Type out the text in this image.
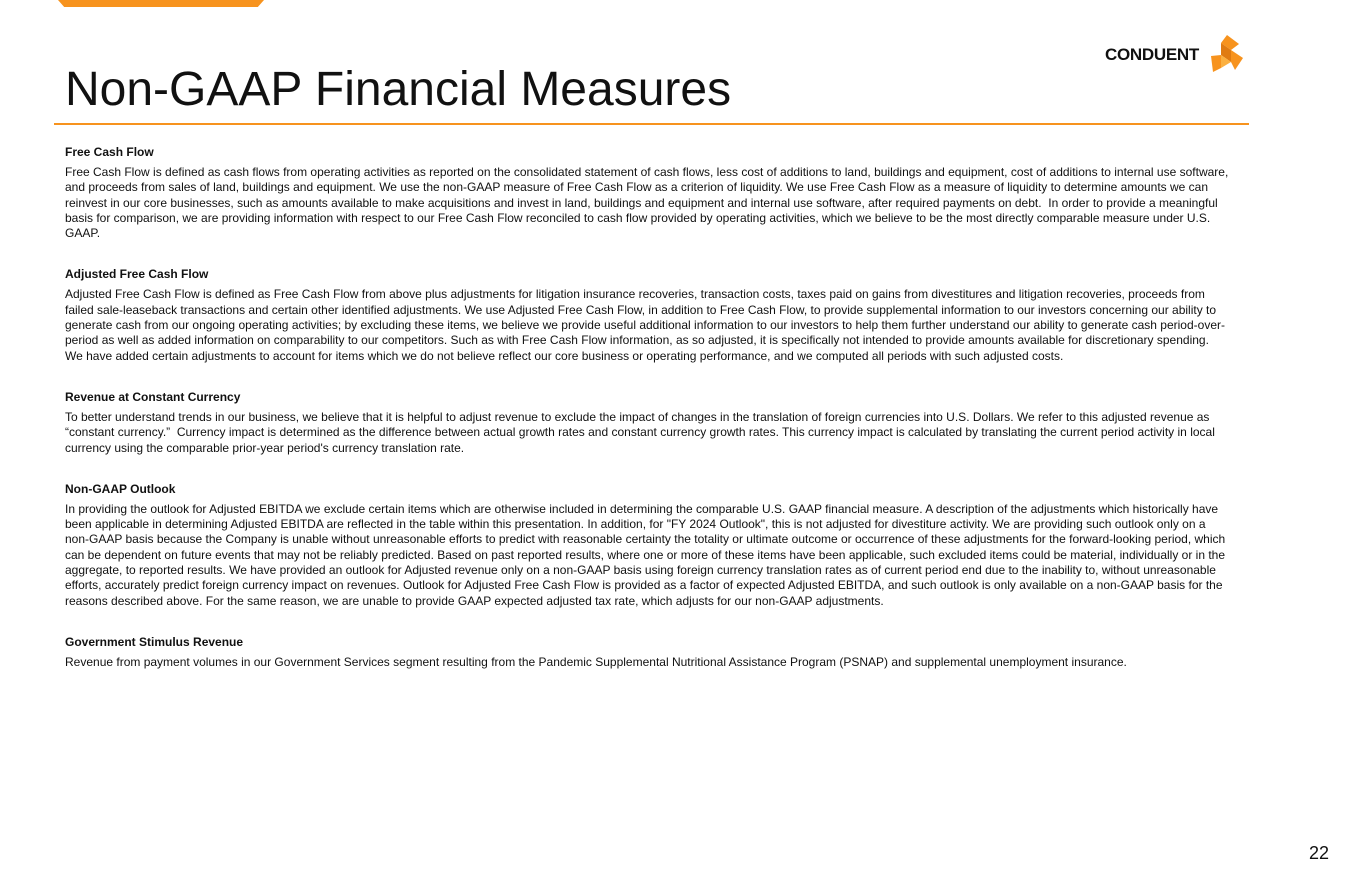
CONDUENT
Non-GAAP Financial Measures

Free Cash Flow

Free Cash Flow is defined as cash flows from operating activities as reported on the consolidated statement of cash flows, less cost of additions to land, buildings and equipment, cost of additions to internal use software, and proceeds from sales of land, buildings and equipment. We use the non-GAAP measure of Free Cash Flow as a criterion of liquidity. We use Free Cash Flow as a measure of liquidity to determine amounts we can reinvest in our core businesses, such as amounts available to make acquisitions and invest in land, buildings and equipment and internal use software, after required payments on debt.  In order to provide a meaningful basis for comparison, we are providing information with respect to our Free Cash Flow reconciled to cash flow provided by operating activities, which we believe to be the most directly comparable measure under U.S. GAAP.

Adjusted Free Cash Flow

Adjusted Free Cash Flow is defined as Free Cash Flow from above plus adjustments for litigation insurance recoveries, transaction costs, taxes paid on gains from divestitures and litigation recoveries, proceeds from failed sale-leaseback transactions and certain other identified adjustments. We use Adjusted Free Cash Flow, in addition to Free Cash Flow, to provide supplemental information to our investors concerning our ability to generate cash from our ongoing operating activities; by excluding these items, we believe we provide useful additional information to our investors to help them further understand our ability to generate cash period-over-period as well as added information on comparability to our competitors. Such as with Free Cash Flow information, as so adjusted, it is specifically not intended to provide amounts available for discretionary spending. We have added certain adjustments to account for items which we do not believe reflect our core business or operating performance, and we computed all periods with such adjusted costs.

Revenue at Constant Currency

To better understand trends in our business, we believe that it is helpful to adjust revenue to exclude the impact of changes in the translation of foreign currencies into U.S. Dollars. We refer to this adjusted revenue as “constant currency.”  Currency impact is determined as the difference between actual growth rates and constant currency growth rates. This currency impact is calculated by translating the current period activity in local currency using the comparable prior-year period's currency translation rate.

Non-GAAP Outlook

In providing the outlook for Adjusted EBITDA we exclude certain items which are otherwise included in determining the comparable U.S. GAAP financial measure. A description of the adjustments which historically have been applicable in determining Adjusted EBITDA are reflected in the table within this presentation. In addition, for "FY 2024 Outlook", this is not adjusted for divestiture activity. We are providing such outlook only on a non-GAAP basis because the Company is unable without unreasonable efforts to predict with reasonable certainty the totality or ultimate outcome or occurrence of these adjustments for the forward-looking period, which can be dependent on future events that may not be reliably predicted. Based on past reported results, where one or more of these items have been applicable, such excluded items could be material, individually or in the aggregate, to reported results. We have provided an outlook for Adjusted revenue only on a non-GAAP basis using foreign currency translation rates as of current period end due to the inability to, without unreasonable efforts, accurately predict foreign currency impact on revenues. Outlook for Adjusted Free Cash Flow is provided as a factor of expected Adjusted EBITDA, and such outlook is only available on a non-GAAP basis for the reasons described above. For the same reason, we are unable to provide GAAP expected adjusted tax rate, which adjusts for our non-GAAP adjustments.

Government Stimulus Revenue

Revenue from payment volumes in our Government Services segment resulting from the Pandemic Supplemental Nutritional Assistance Program (PSNAP) and supplemental unemployment insurance.

22
